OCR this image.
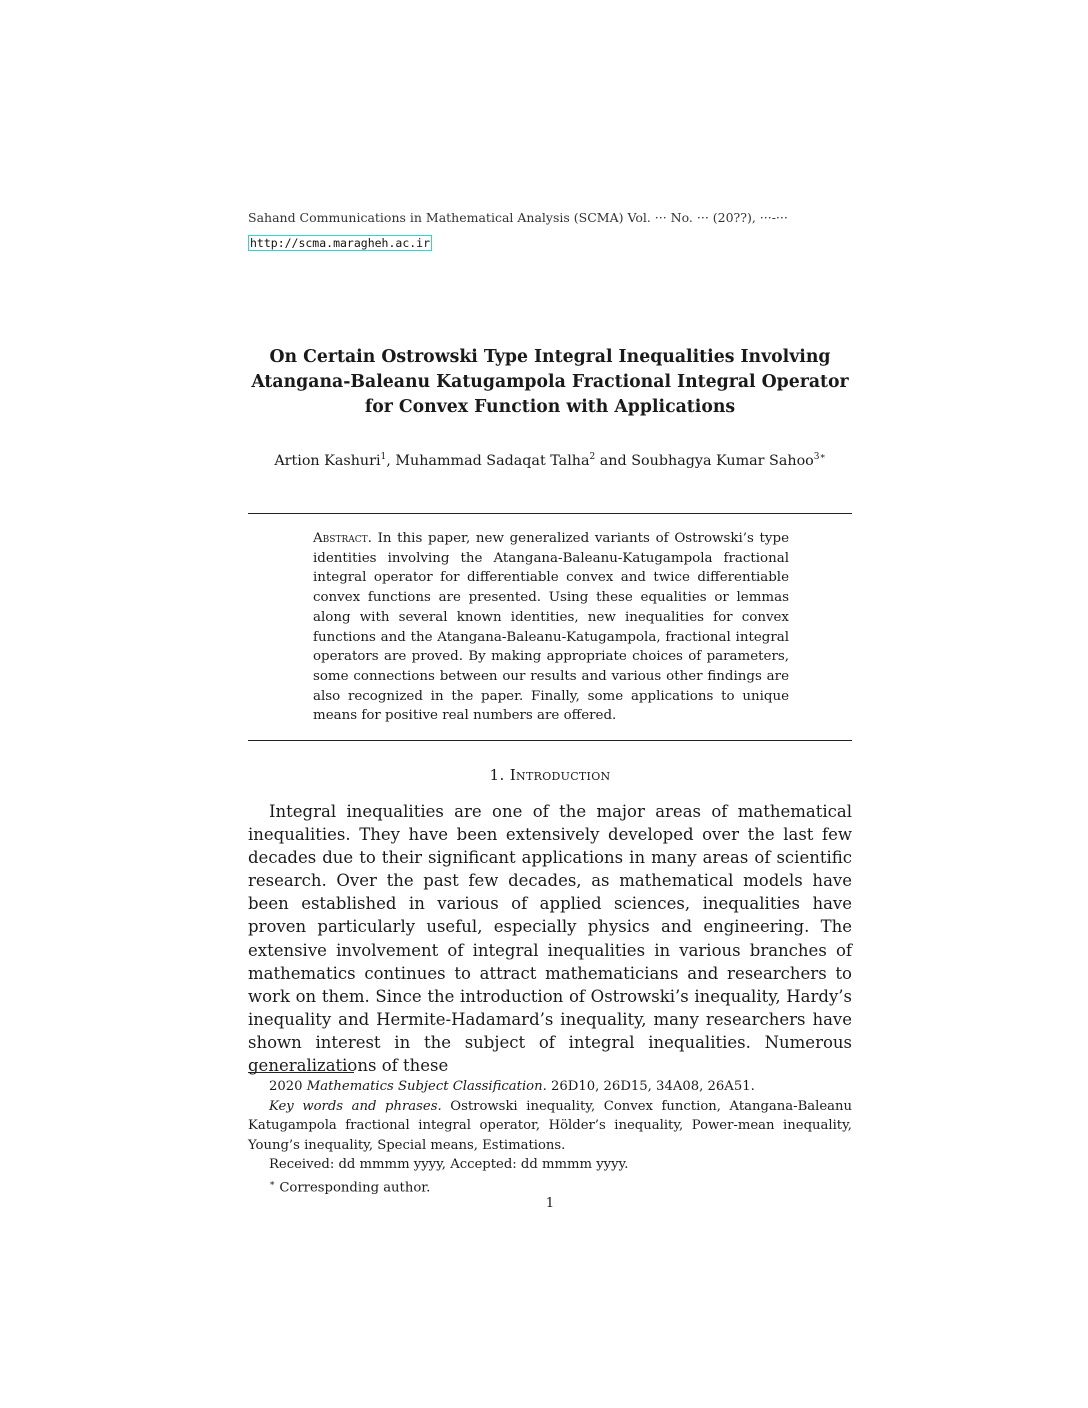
Sahand Communications in Mathematical Analysis (SCMA) Vol. ··· No. ··· (20??), ···-···
http://scma.maragheh.ac.ir
On Certain Ostrowski Type Integral Inequalities Involving
Atangana-Baleanu Katugampola Fractional Integral Operator
for Convex Function with Applications
Artion Kashuri$^1$, Muhammad Sadaqat Talha$^2$ and Soubhagya Kumar Sahoo$^{3∗}$
Abstract. In this paper, new generalized variants of Ostrowski’s type identities involving the Atangana-Baleanu-Katugampola fractional integral operator for differentiable convex and twice differentiable convex functions are presented. Using these equalities or lemmas along with several known identities, new inequalities for convex functions and the Atangana-Baleanu-Katugampola, fractional integral operators are proved. By making appropriate choices of parameters, some connections between our results and various other findings are also recognized in the paper. Finally, some applications to unique means for positive real numbers are offered.
1. Introduction
Integral inequalities are one of the major areas of mathematical inequalities. They have been extensively developed over the last few decades due to their significant applications in many areas of scientific research. Over the past few decades, as mathematical models have been established in various of applied sciences, inequalities have proven particularly useful, especially physics and engineering. The extensive involvement of integral inequalities in various branches of mathematics continues to attract mathematicians and researchers to work on them. Since the introduction of Ostrowski’s inequality, Hardy’s inequality and Hermite-Hadamard’s inequality, many researchers have shown interest in the subject of integral inequalities. Numerous generalizations of these

2020 Mathematics Subject Classification. 26D10, 26D15, 34A08, 26A51.

Key words and phrases. Ostrowski inequality, Convex function, Atangana-Baleanu Katugampola fractional integral operator, Hölder’s inequality, Power-mean inequality, Young’s inequality, Special means, Estimations.

Received: dd mmmm yyyy, Accepted: dd mmmm yyyy.

∗ Corresponding author.

1
